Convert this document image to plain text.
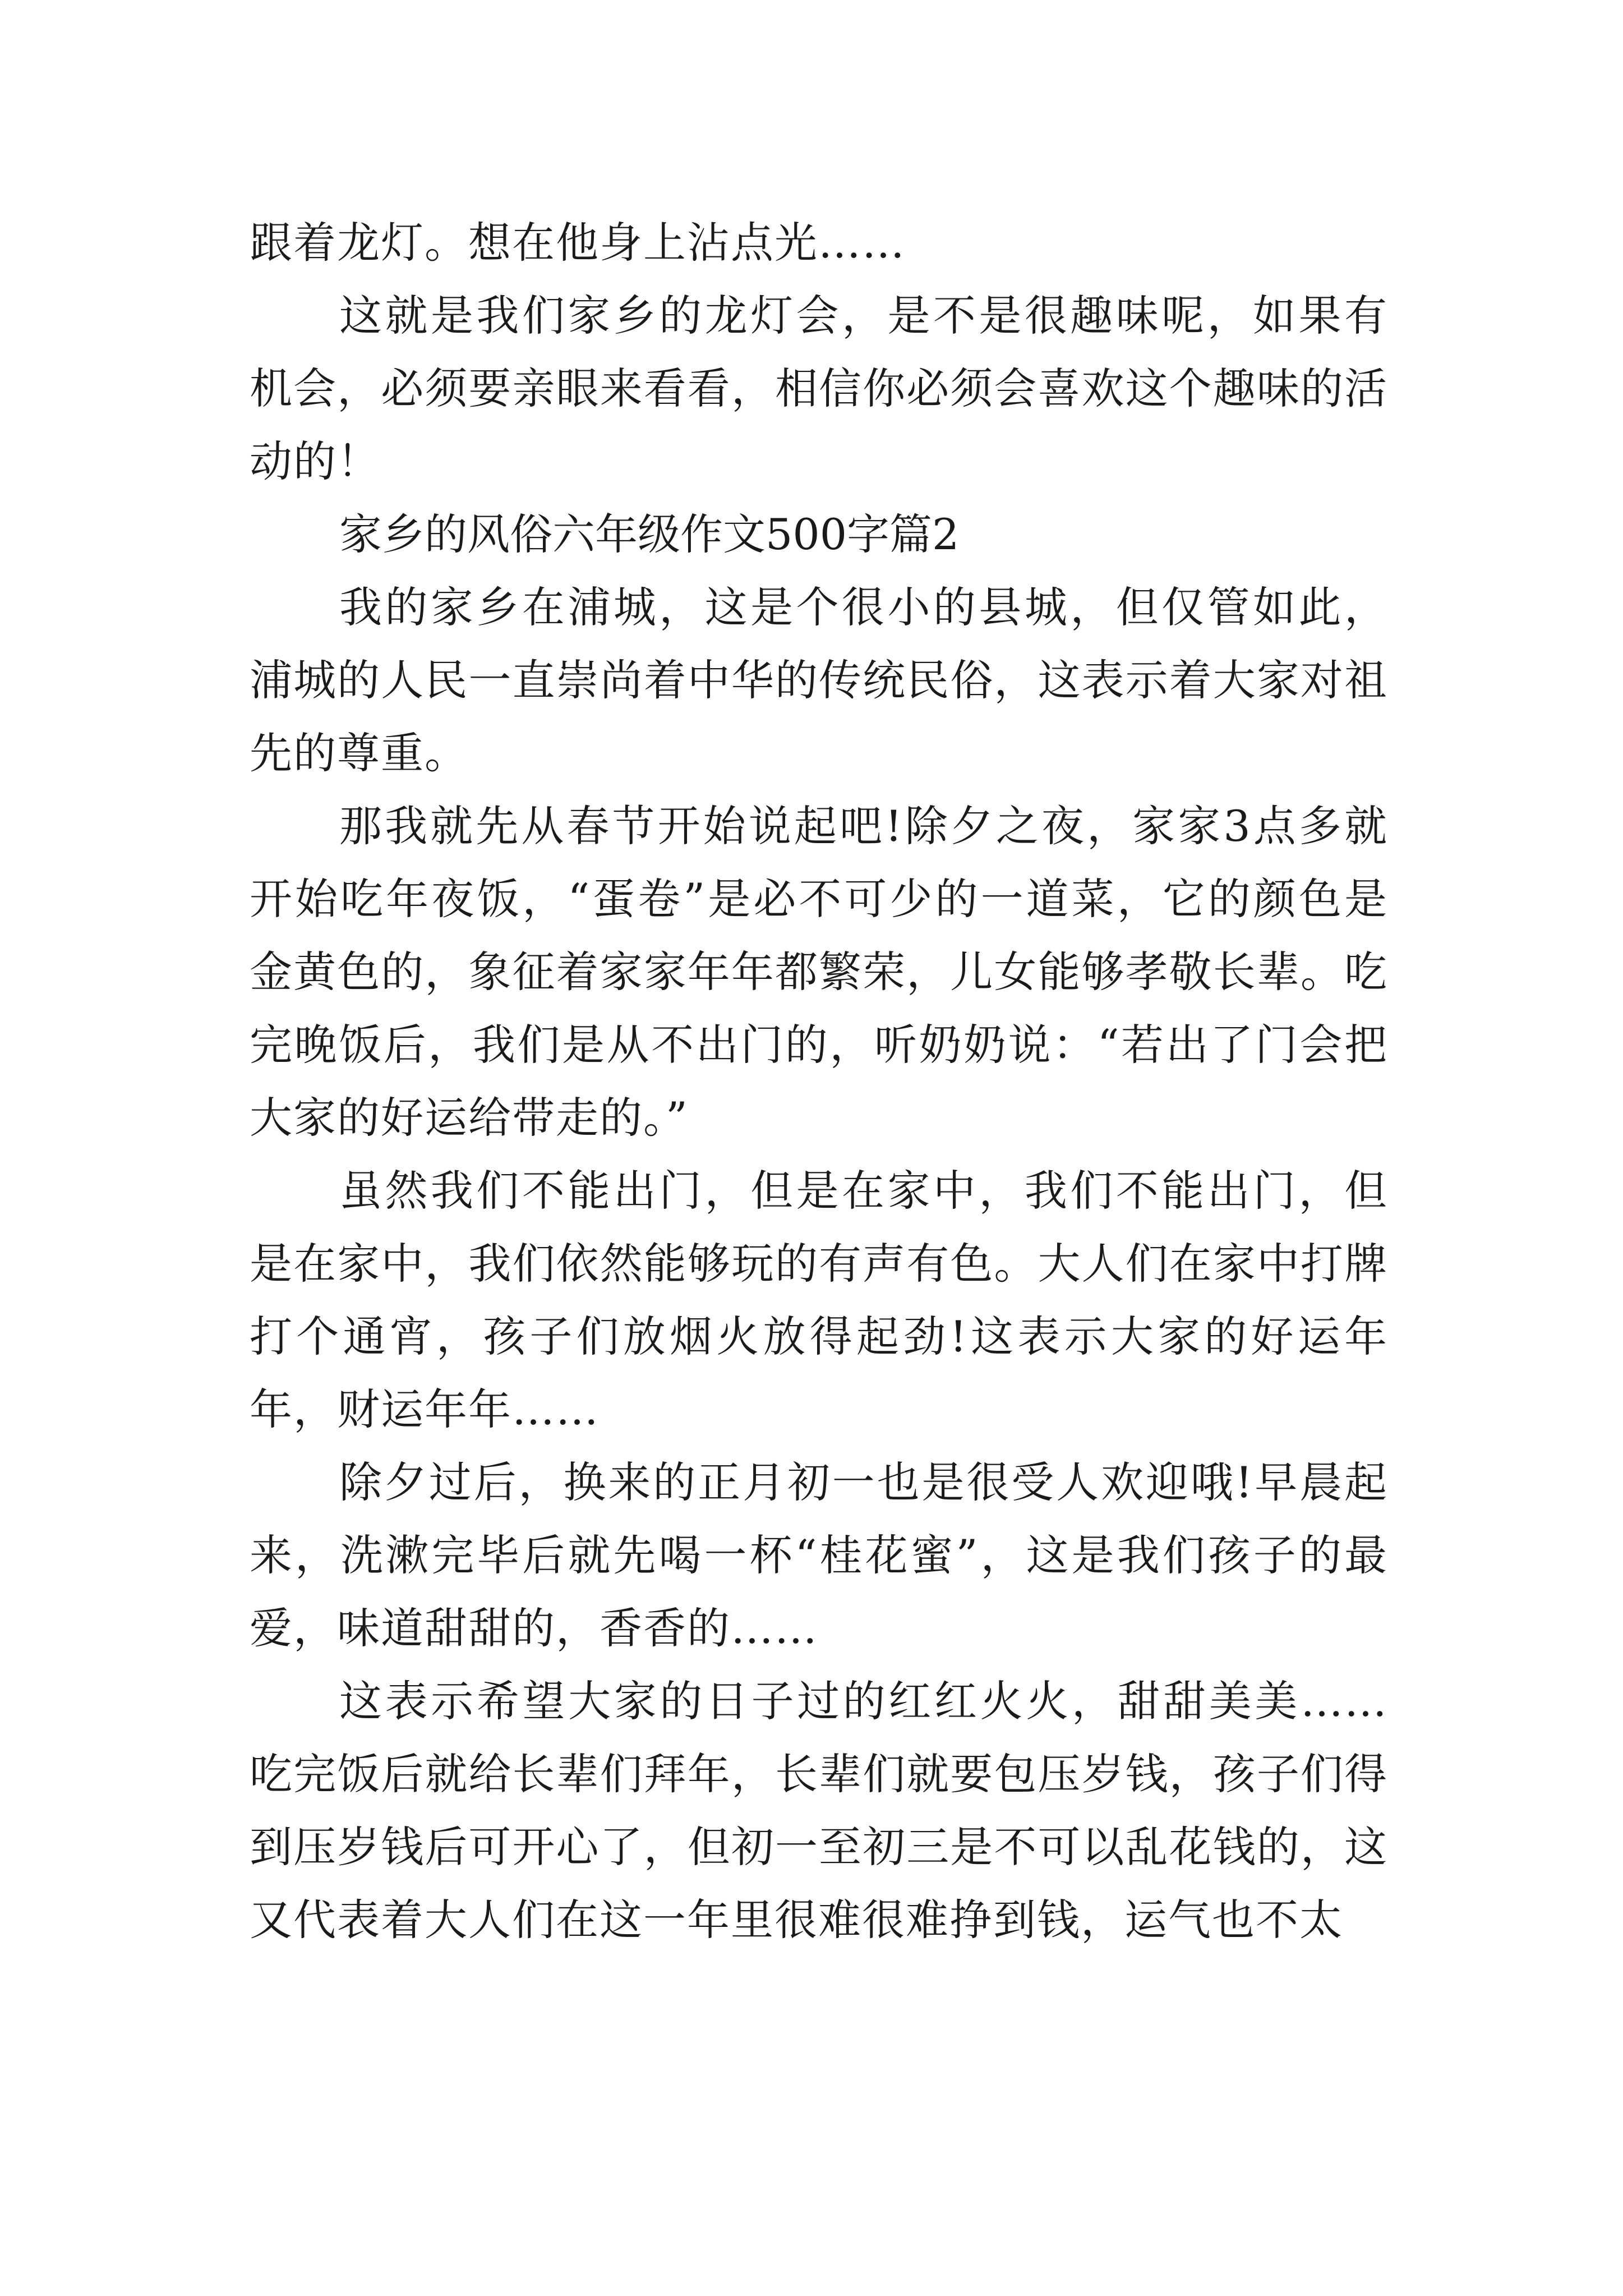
跟着龙灯。想在他身上沾点光……

这就是我们家乡的龙灯会，是不是很趣味呢，如果有机会，必须要亲眼来看看，相信你必须会喜欢这个趣味的活动的！

家乡的风俗六年级作文500字篇2

我的家乡在浦城，这是个很小的县城，但仅管如此，浦城的人民一直崇尚着中华的传统民俗，这表示着大家对祖先的尊重。

那我就先从春节开始说起吧!除夕之夜，家家3点多就开始吃年夜饭，“蛋卷”是必不可少的一道菜，它的颜色是金黄色的，象征着家家年年都繁荣，儿女能够孝敬长辈。吃完晚饭后，我们是从不出门的，听奶奶说：“若出了门会把大家的好运给带走的。”

虽然我们不能出门，但是在家中，我们不能出门，但是在家中，我们依然能够玩的有声有色。大人们在家中打牌打个通宵，孩子们放烟火放得起劲!这表示大家的好运年年，财运年年……

除夕过后，换来的正月初一也是很受人欢迎哦!早晨起来，洗漱完毕后就先喝一杯“桂花蜜”，这是我们孩子的最爱，味道甜甜的，香香的……

这表示希望大家的日子过的红红火火，甜甜美美……吃完饭后就给长辈们拜年，长辈们就要包压岁钱，孩子们得到压岁钱后可开心了，但初一至初三是不可以乱花钱的，这又代表着大人们在这一年里很难很难挣到钱，运气也不太
